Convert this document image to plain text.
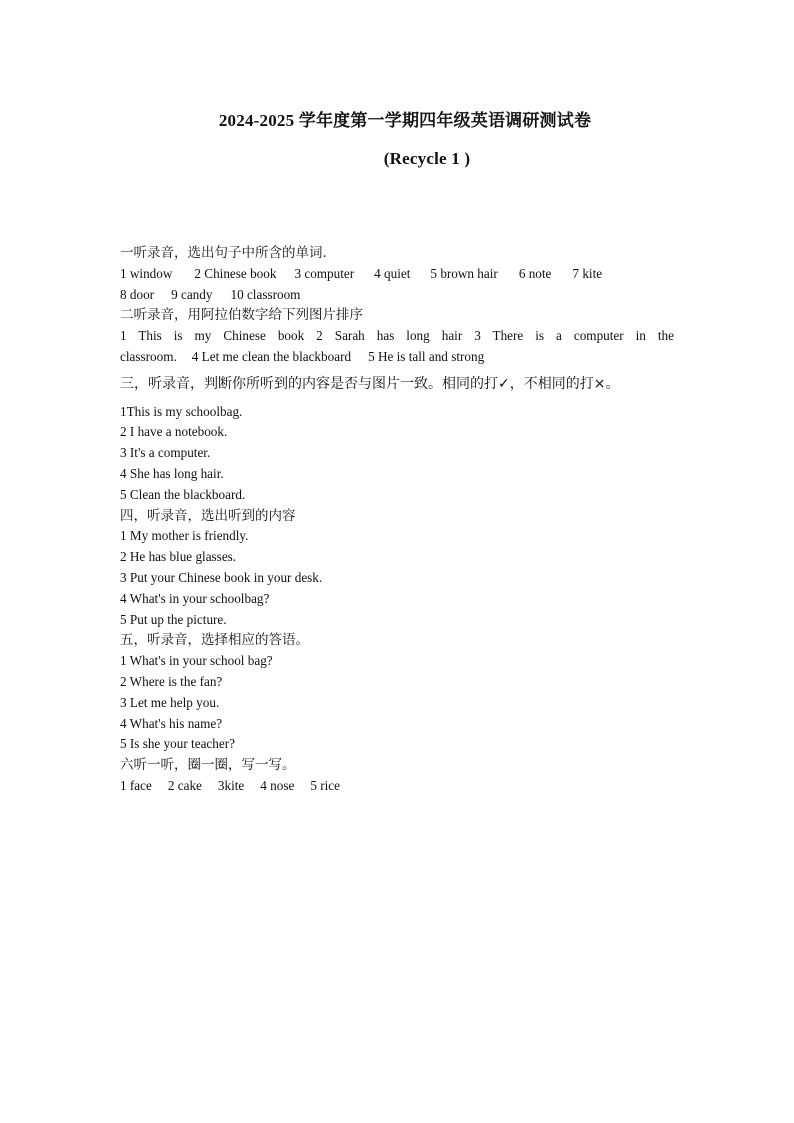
2024-2025 学年度第一学期四年级英语调研测试卷
(Recycle 1 )
一听录音，选出句子中所含的单词.
1 window 2 Chinese book 3 computer 4 quiet 5 brown hair 6 note 7 kite
8 door 9 candy 10 classroom
二听录音，用阿拉伯数字给下列图片排序
1 This is my Chinese book 2 Sarah has long hair 3 There is a computer in the
classroom. 4 Let me clean the blackboard 5 He is tall and strong
三，听录音，判断你所听到的内容是否与图片一致。相同的打✓，不相同的打×。
1This is my schoolbag.
2 I have a notebook.
3 It's a computer.
4 She has long hair.
5 Clean the blackboard.
四，听录音，选出听到的内容
1 My mother is friendly.
2 He has blue glasses.
3 Put your Chinese book in your desk.
4 What's in your schoolbag?
5 Put up the picture.
五，听录音，选择相应的答语。
1 What's in your school bag?
2 Where is the fan?
3 Let me help you.
4 What's his name?
5 Is she your teacher?
六听一听，圈一圈，写一写。
1 face 2 cake 3kite 4 nose 5 rice
